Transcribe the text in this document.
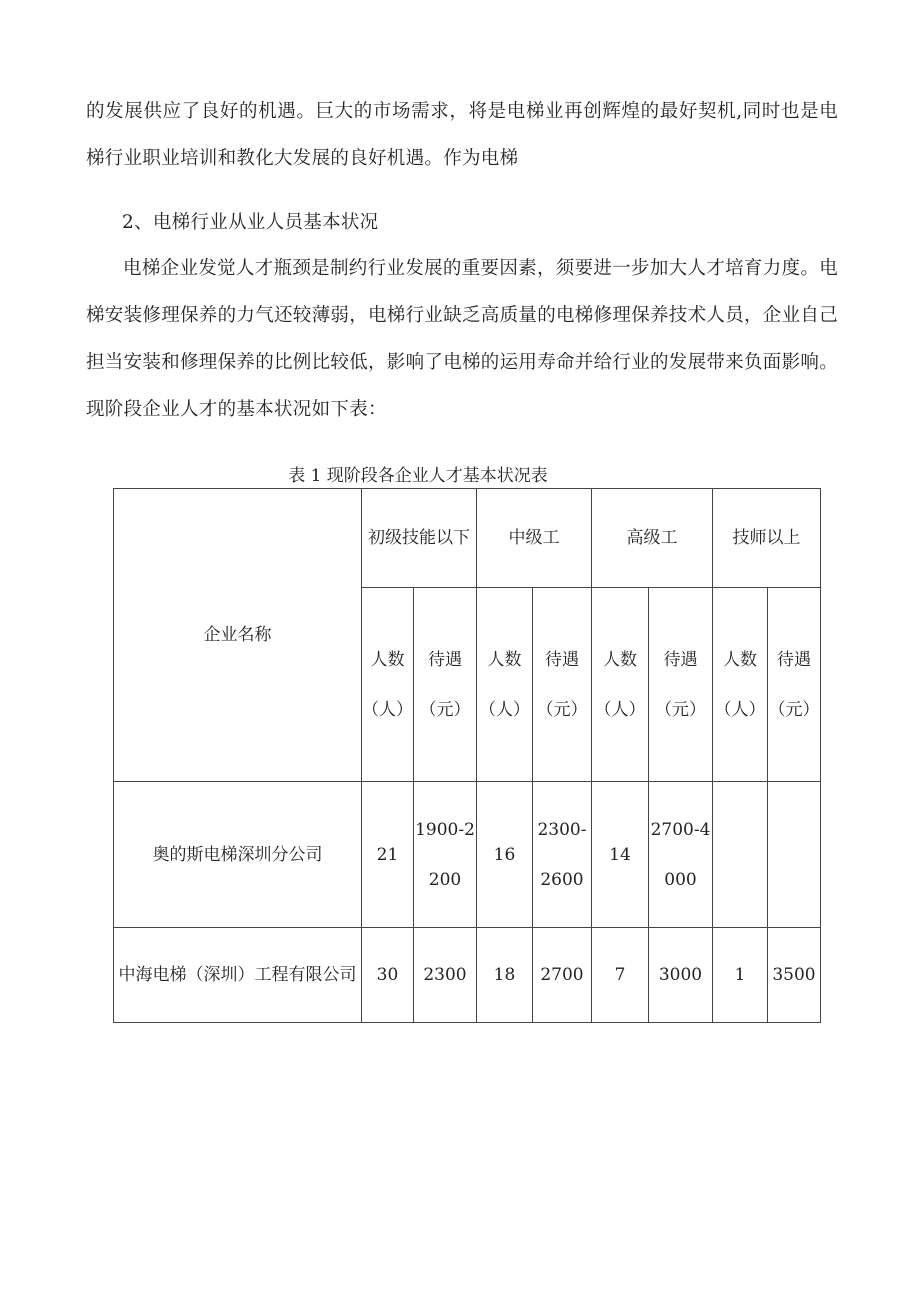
的发展供应了良好的机遇。巨大的市场需求，将是电梯业再创辉煌的最好契机,同时也是电梯行业职业培训和教化大发展的良好机遇。作为电梯

2、电梯行业从业人员基本状况

电梯企业发觉人才瓶颈是制约行业发展的重要因素，须要进一步加大人才培育力度。电梯安装修理保养的力气还较薄弱，电梯行业缺乏高质量的电梯修理保养技术人员，企业自己担当安装和修理保养的比例比较低，影响了电梯的运用寿命并给行业的发展带来负面影响。现阶段企业人才的基本状况如下表：

表 1 现阶段各企业人才基本状况表

企业名称	初级技能以下		中级工		高级工		技师以上	
	人数（人）	待遇（元）	人数（人）	待遇（元）	人数（人）	待遇（元）	人数（人）	待遇（元）
奥的斯电梯深圳分公司	21	1900-2200	16	2300-2600	14	2700-4000		
中海电梯（深圳）工程有限公司	30	2300	18	2700	7	3000	1	3500
